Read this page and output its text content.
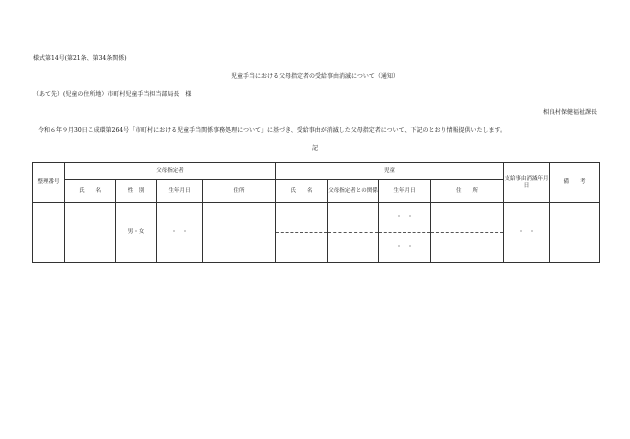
様式第14号(第21条、第34条関係)
児童手当における父母指定者の受給事由消滅について（通知）
（あて先）(児童の住所地）市町村児童手当担当部局長　様
相良村保健福祉課長
令和６年９月30日こ成環第264号「市町村における児童手当関係事務処理について」に基づき、受給事由が消滅した父母指定者について、下記のとおり情報提供いたします。
記
整理番号	父母指定者				児童				支給事由消滅年月日	備　　考
	氏　　名	性　別	生年月日	住所	氏　　名	父母指定者との関係	生年月日	住　　所		
		男・女	・　・				・　・		・　・	
							・　・			
